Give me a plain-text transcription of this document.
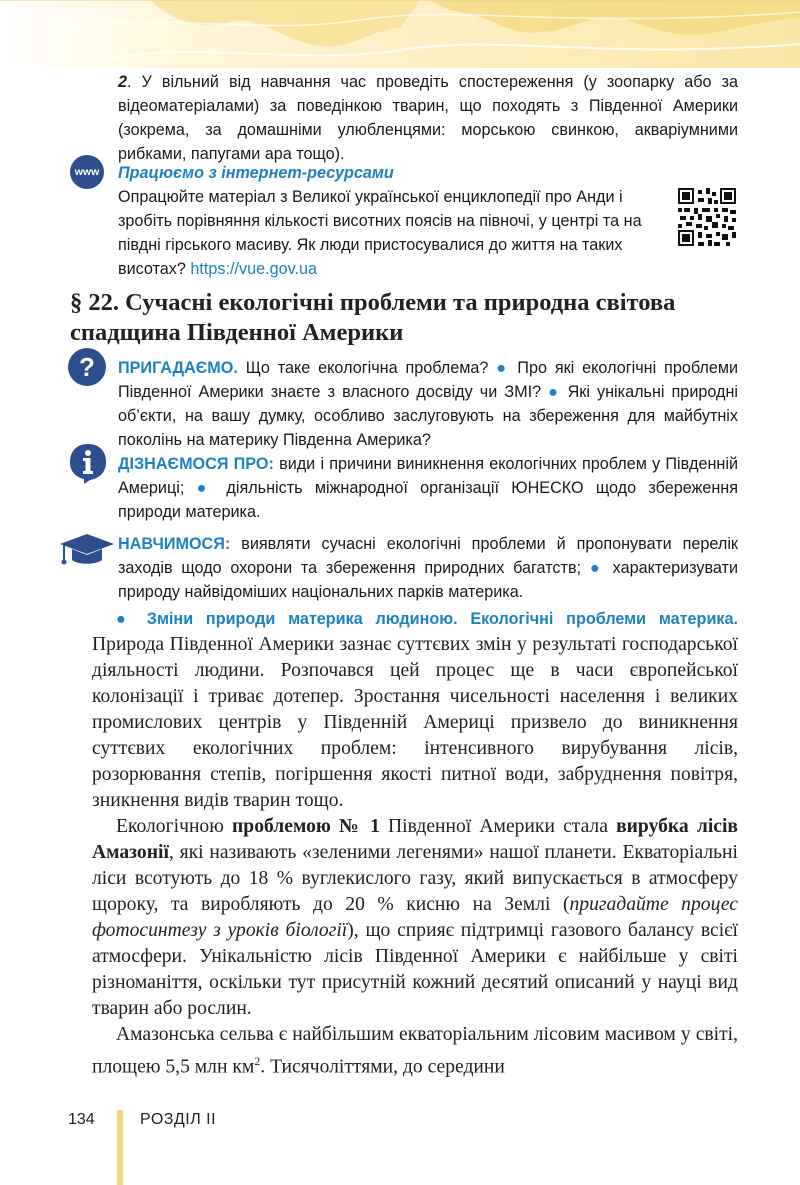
2. У вільний від навчання час проведіть спостереження (у зоопарку або за відеоматеріалами) за поведінкою тварин, що походять з Південної Америки (зокрема, за домашніми улюбленцями: морською свинкою, акваріумними рибками, папугами ара тощо).
www Працюємо з інтернет-ресурсами

Опрацюйте матеріал з Великої української енциклопедії про Анди і зробіть порівняння кількості висотних поясів на півночі, у центрі та на півдні гірського масиву. Як люди пристосувалися до життя на таких висотах? https://vue.gov.ua

§ 22. Сучасні екологічні проблеми та природна світова спадщина Південної Америки
?	ПРИГАДАЄМО. Що таке екологічна проблема? ● Про які екологічні проблеми Південної Америки знаєте з власного досвіду чи ЗМІ? ● Які унікальні природні об’єкти, на вашу думку, особливо заслуговують на збереження для майбутніх поколінь на материку Південна Америка?
ДІЗНАЄМОСЯ ПРО: види і причини виникнення екологічних проблем у Південній Америці; ● діяльність міжнародної організації ЮНЕСКО щодо збереження природи материка.
НАВЧИМОСЯ: виявляти сучасні екологічні проблеми й пропонувати перелік заходів щодо охорони та збереження природних багатств; ● характеризувати природу найвідоміших національних парків материка.

● Зміни природи материка людиною. Екологічні проблеми материка. Природа Південної Америки зазнає суттєвих змін у результаті господарської діяльності людини. Розпочався цей процес ще в часи європейської колонізації і триває дотепер. Зростання чисельності населення і великих промислових центрів у Південній Америці призвело до виникнення суттєвих екологічних проблем: інтенсивного вирубування лісів, розорювання степів, погіршення якості питної води, забруднення повітря, зникнення видів тварин тощо.

Екологічною проблемою № 1 Південної Америки стала вирубка лісів Амазонії, які називають «зеленими легенями» нашої планети. Екваторіальні ліси всотують до 18 % вуглекислого газу, який випускається в атмосферу щороку, та виробляють до 20 % кисню на Землі (пригадайте процес фотосинтезу з уроків біології), що сприяє підтримці газового балансу всієї атмосфери. Унікальністю лісів Південної Америки є найбільше у світі різноманіття, оскільки тут присутній кожний десятий описаний у науці вид тварин або рослин.

Амазонська сельва є найбільшим екваторіальним лісовим масивом у світі, площею 5,5 млн $км^2$. Тисячоліттями, до середини

134	РОЗДІЛ ІІ
